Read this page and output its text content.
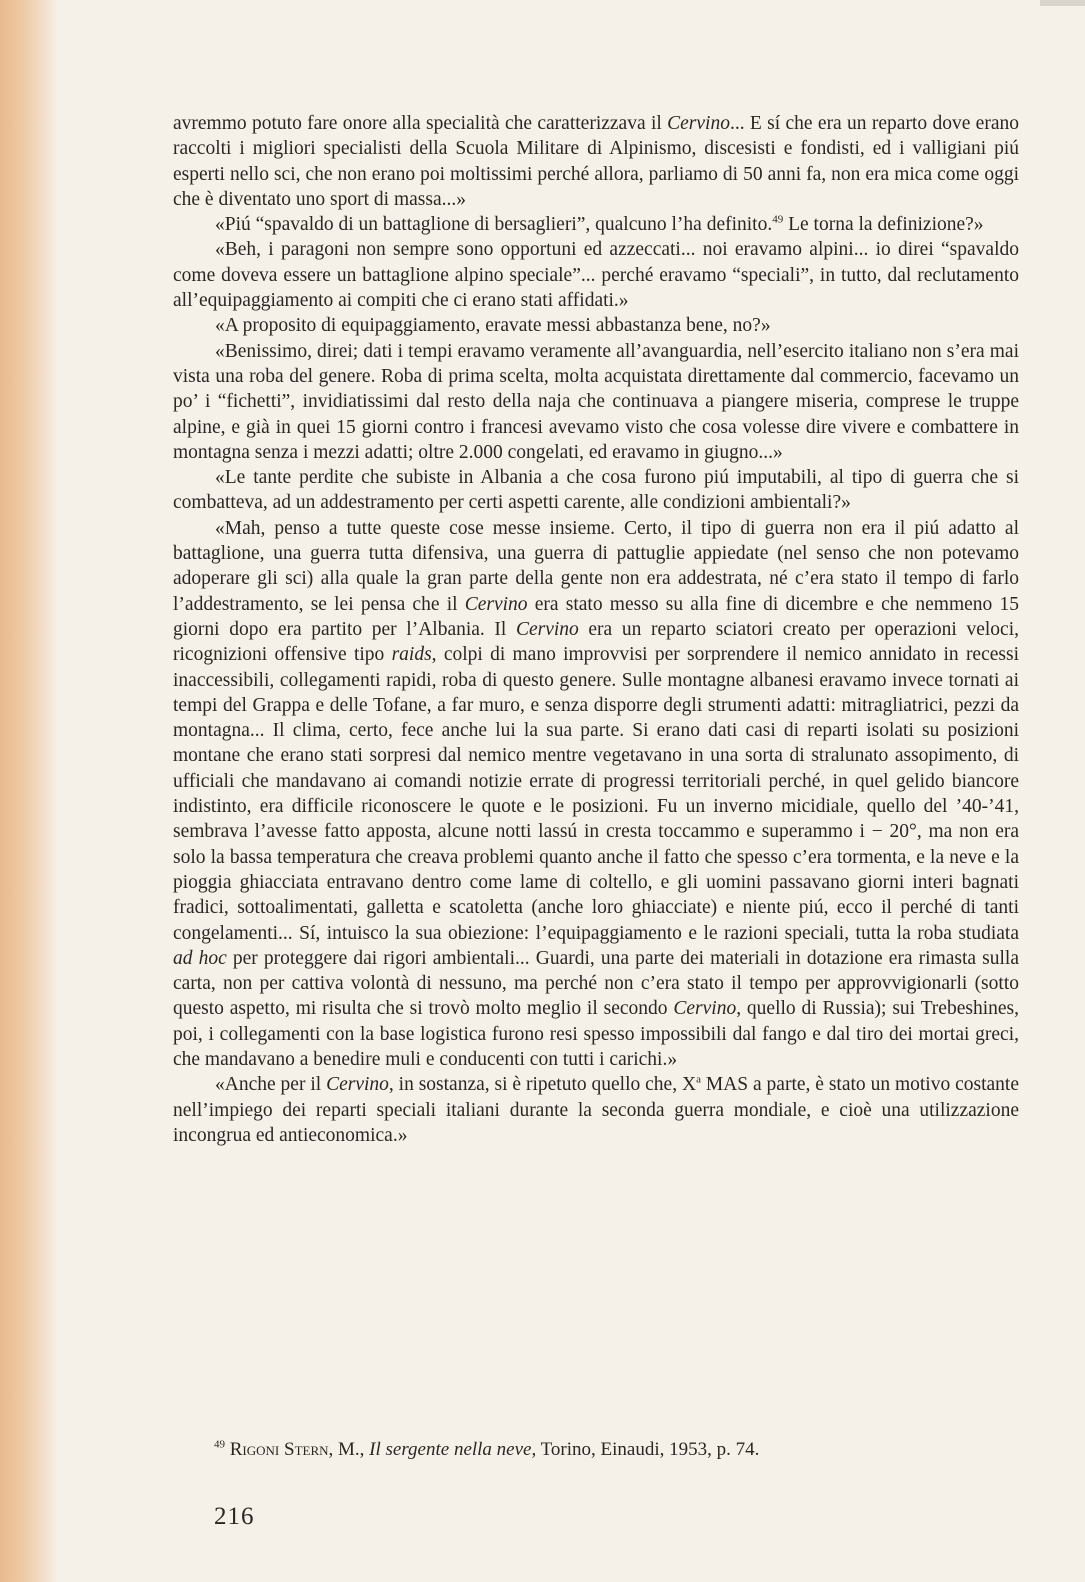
avremmo potuto fare onore alla specialità che caratterizzava il Cervino... E sí che era un reparto dove erano raccolti i migliori specialisti della Scuola Militare di Alpinismo, discesisti e fondisti, ed i valligiani piú esperti nello sci, che non erano poi moltissimi perché allora, parliamo di 50 anni fa, non era mica come oggi che è diventato uno sport di massa...»

«Piú “spavaldo di un battaglione di bersaglieri”, qualcuno l’ha definito.$^{49}$ Le torna la definizione?»

«Beh, i paragoni non sempre sono opportuni ed azzeccati... noi eravamo alpini... io direi “spavaldo come doveva essere un battaglione alpino speciale”... perché eravamo “speciali”, in tutto, dal reclutamento all’equipaggiamento ai compiti che ci erano stati affidati.»

«A proposito di equipaggiamento, eravate messi abbastanza bene, no?»

«Benissimo, direi; dati i tempi eravamo veramente all’avanguardia, nell’esercito italiano non s’era mai vista una roba del genere. Roba di prima scelta, molta acquistata direttamente dal commercio, facevamo un po’ i “fichetti”, invidiatissimi dal resto della naja che continuava a piangere miseria, comprese le truppe alpine, e già in quei 15 giorni contro i francesi avevamo visto che cosa volesse dire vivere e combattere in montagna senza i mezzi adatti; oltre 2.000 congelati, ed eravamo in giugno...»

«Le tante perdite che subiste in Albania a che cosa furono piú imputabili, al tipo di guerra che si combatteva, ad un addestramento per certi aspetti carente, alle condizioni ambientali?»

«Mah, penso a tutte queste cose messe insieme. Certo, il tipo di guerra non era il piú adatto al battaglione, una guerra tutta difensiva, una guerra di pattuglie appiedate (nel senso che non potevamo adoperare gli sci) alla quale la gran parte della gente non era addestrata, né c’era stato il tempo di farlo l’addestramento, se lei pensa che il Cervino era stato messo su alla fine di dicembre e che nemmeno 15 giorni dopo era partito per l’Albania. Il Cervino era un reparto sciatori creato per operazioni veloci, ricognizioni offensive tipo raids, colpi di mano improvvisi per sorprendere il nemico annidato in recessi inaccessibili, collegamenti rapidi, roba di questo genere. Sulle montagne albanesi eravamo invece tornati ai tempi del Grappa e delle Tofane, a far muro, e senza disporre degli strumenti adatti: mitragliatrici, pezzi da montagna... Il clima, certo, fece anche lui la sua parte. Si erano dati casi di reparti isolati su posizioni montane che erano stati sorpresi dal nemico mentre vegetavano in una sorta di stralunato assopimento, di ufficiali che mandavano ai comandi notizie errate di progressi territoriali perché, in quel gelido biancore indistinto, era difficile riconoscere le quote e le posizioni. Fu un inverno micidiale, quello del ’40-’41, sembrava l’avesse fatto apposta, alcune notti lassú in cresta toccammo e superammo i − 20°, ma non era solo la bassa temperatura che creava problemi quanto anche il fatto che spesso c’era tormenta, e la neve e la pioggia ghiacciata entravano dentro come lame di coltello, e gli uomini passavano giorni interi bagnati fradici, sottoalimentati, galletta e scatoletta (anche loro ghiacciate) e niente piú, ecco il perché di tanti congelamenti... Sí, intuisco la sua obiezione: l’equipaggiamento e le razioni speciali, tutta la roba studiata ad hoc per proteggere dai rigori ambientali... Guardi, una parte dei materiali in dotazione era rimasta sulla carta, non per cattiva volontà di nessuno, ma perché non c’era stato il tempo per approvvigionarli (sotto questo aspetto, mi risulta che si trovò molto meglio il secondo Cervino, quello di Russia); sui Trebeshines, poi, i collegamenti con la base logistica furono resi spesso impossibili dal fango e dal tiro dei mortai greci, che mandavano a benedire muli e conducenti con tutti i carichi.»

«Anche per il Cervino, in sostanza, si è ripetuto quello che, $X^a$ MAS a parte, è stato un motivo costante nell’impiego dei reparti speciali italiani durante la seconda guerra mondiale, e cioè una utilizzazione incongrua ed antieconomica.»

$^{49}$ Rigoni Stern, M., Il sergente nella neve, Torino, Einaudi, 1953, p. 74.
216
